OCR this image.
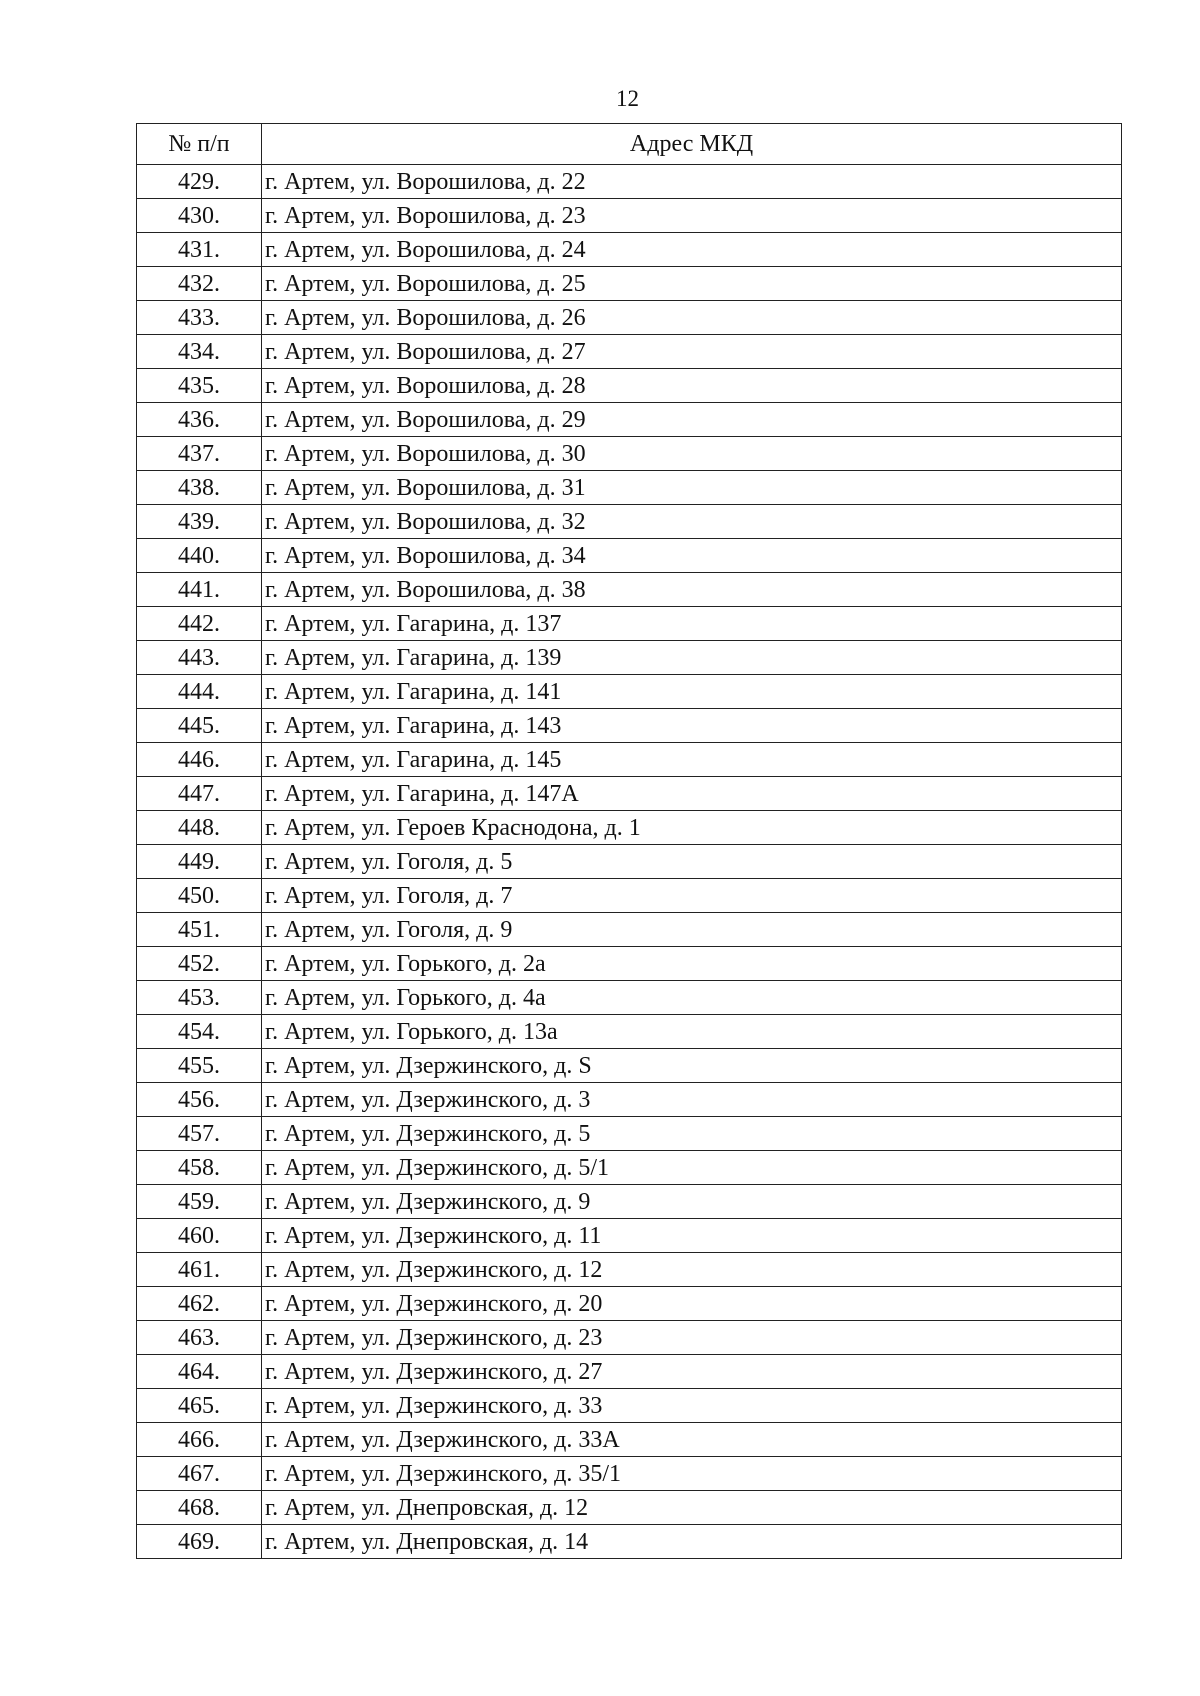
12
№ п/п	Адрес МКД
429.	г. Артем, ул. Ворошилова, д. 22
430.	г. Артем, ул. Ворошилова, д. 23
431.	г. Артем, ул. Ворошилова, д. 24
432.	г. Артем, ул. Ворошилова, д. 25
433.	г. Артем, ул. Ворошилова, д. 26
434.	г. Артем, ул. Ворошилова, д. 27
435.	г. Артем, ул. Ворошилова, д. 28
436.	г. Артем, ул. Ворошилова, д. 29
437.	г. Артем, ул. Ворошилова, д. 30
438.	г. Артем, ул. Ворошилова, д. 31
439.	г. Артем, ул. Ворошилова, д. 32
440.	г. Артем, ул. Ворошилова, д. 34
441.	г. Артем, ул. Ворошилова, д. 38
442.	г. Артем, ул. Гагарина, д. 137
443.	г. Артем, ул. Гагарина, д. 139
444.	г. Артем, ул. Гагарина, д. 141
445.	г. Артем, ул. Гагарина, д. 143
446.	г. Артем, ул. Гагарина, д. 145
447.	г. Артем, ул. Гагарина, д. 147А
448.	г. Артем, ул. Героев Краснодона, д. 1
449.	г. Артем, ул. Гоголя, д. 5
450.	г. Артем, ул. Гоголя, д. 7
451.	г. Артем, ул. Гоголя, д. 9
452.	г. Артем, ул. Горького, д. 2а
453.	г. Артем, ул. Горького, д. 4а
454.	г. Артем, ул. Горького, д. 13а
455.	г. Артем, ул. Дзержинского, д. S
456.	г. Артем, ул. Дзержинского, д. 3
457.	г. Артем, ул. Дзержинского, д. 5
458.	г. Артем, ул. Дзержинского, д. 5/1
459.	г. Артем, ул. Дзержинского, д. 9
460.	г. Артем, ул. Дзержинского, д. 11
461.	г. Артем, ул. Дзержинского, д. 12
462.	г. Артем, ул. Дзержинского, д. 20
463.	г. Артем, ул. Дзержинского, д. 23
464.	г. Артем, ул. Дзержинского, д. 27
465.	г. Артем, ул. Дзержинского, д. 33
466.	г. Артем, ул. Дзержинского, д. 33А
467.	г. Артем, ул. Дзержинского, д. 35/1
468.	г. Артем, ул. Днепровская, д. 12
469.	г. Артем, ул. Днепровская, д. 14
